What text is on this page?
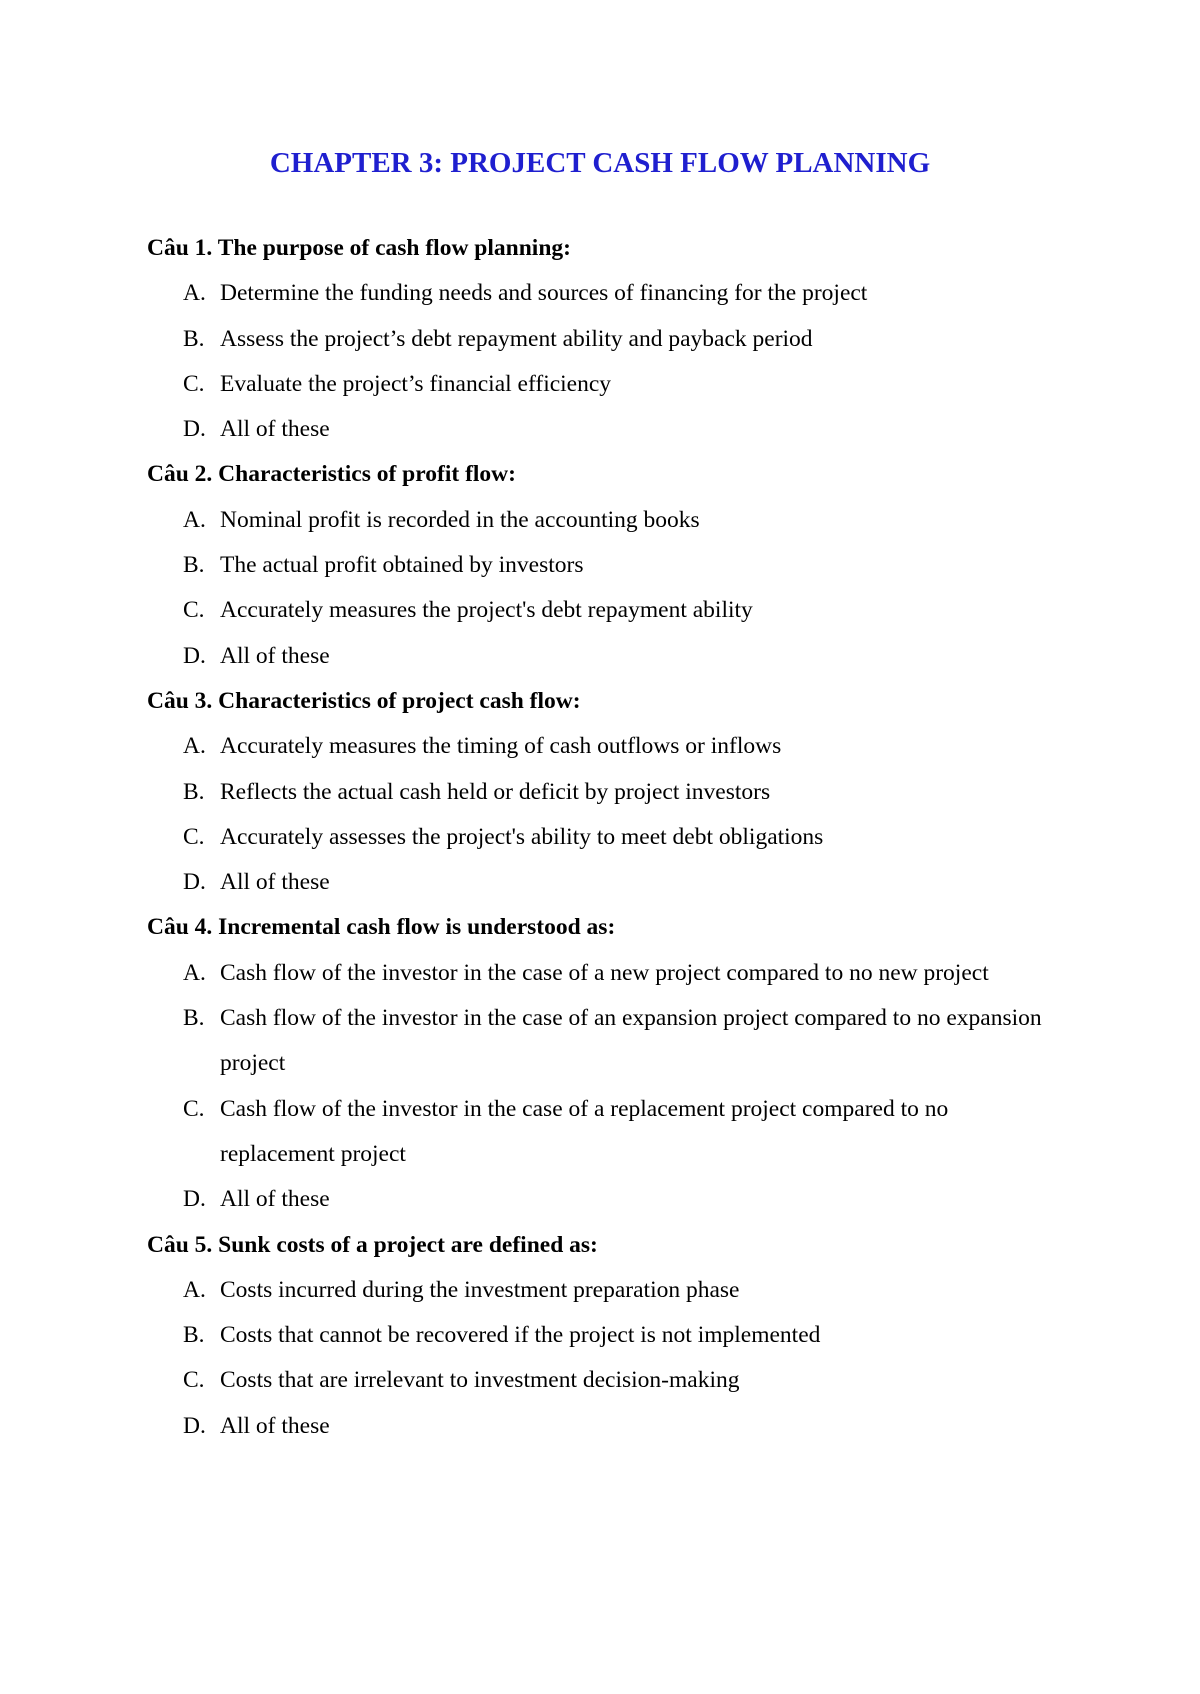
CHAPTER 3: PROJECT CASH FLOW PLANNING
Câu 1. The purpose of cash flow planning:
A. Determine the funding needs and sources of financing for the project
B. Assess the project’s debt repayment ability and payback period
C. Evaluate the project’s financial efficiency
D. All of these
Câu 2. Characteristics of profit flow:
A. Nominal profit is recorded in the accounting books
B. The actual profit obtained by investors
C. Accurately measures the project's debt repayment ability
D. All of these
Câu 3. Characteristics of project cash flow:
A. Accurately measures the timing of cash outflows or inflows
B. Reflects the actual cash held or deficit by project investors
C. Accurately assesses the project's ability to meet debt obligations
D. All of these
Câu 4. Incremental cash flow is understood as:
A. Cash flow of the investor in the case of a new project compared to no new project
B. Cash flow of the investor in the case of an expansion project compared to no expansion project
C. Cash flow of the investor in the case of a replacement project compared to no replacement project
D. All of these
Câu 5. Sunk costs of a project are defined as:
A. Costs incurred during the investment preparation phase
B. Costs that cannot be recovered if the project is not implemented
C. Costs that are irrelevant to investment decision-making
D. All of these
